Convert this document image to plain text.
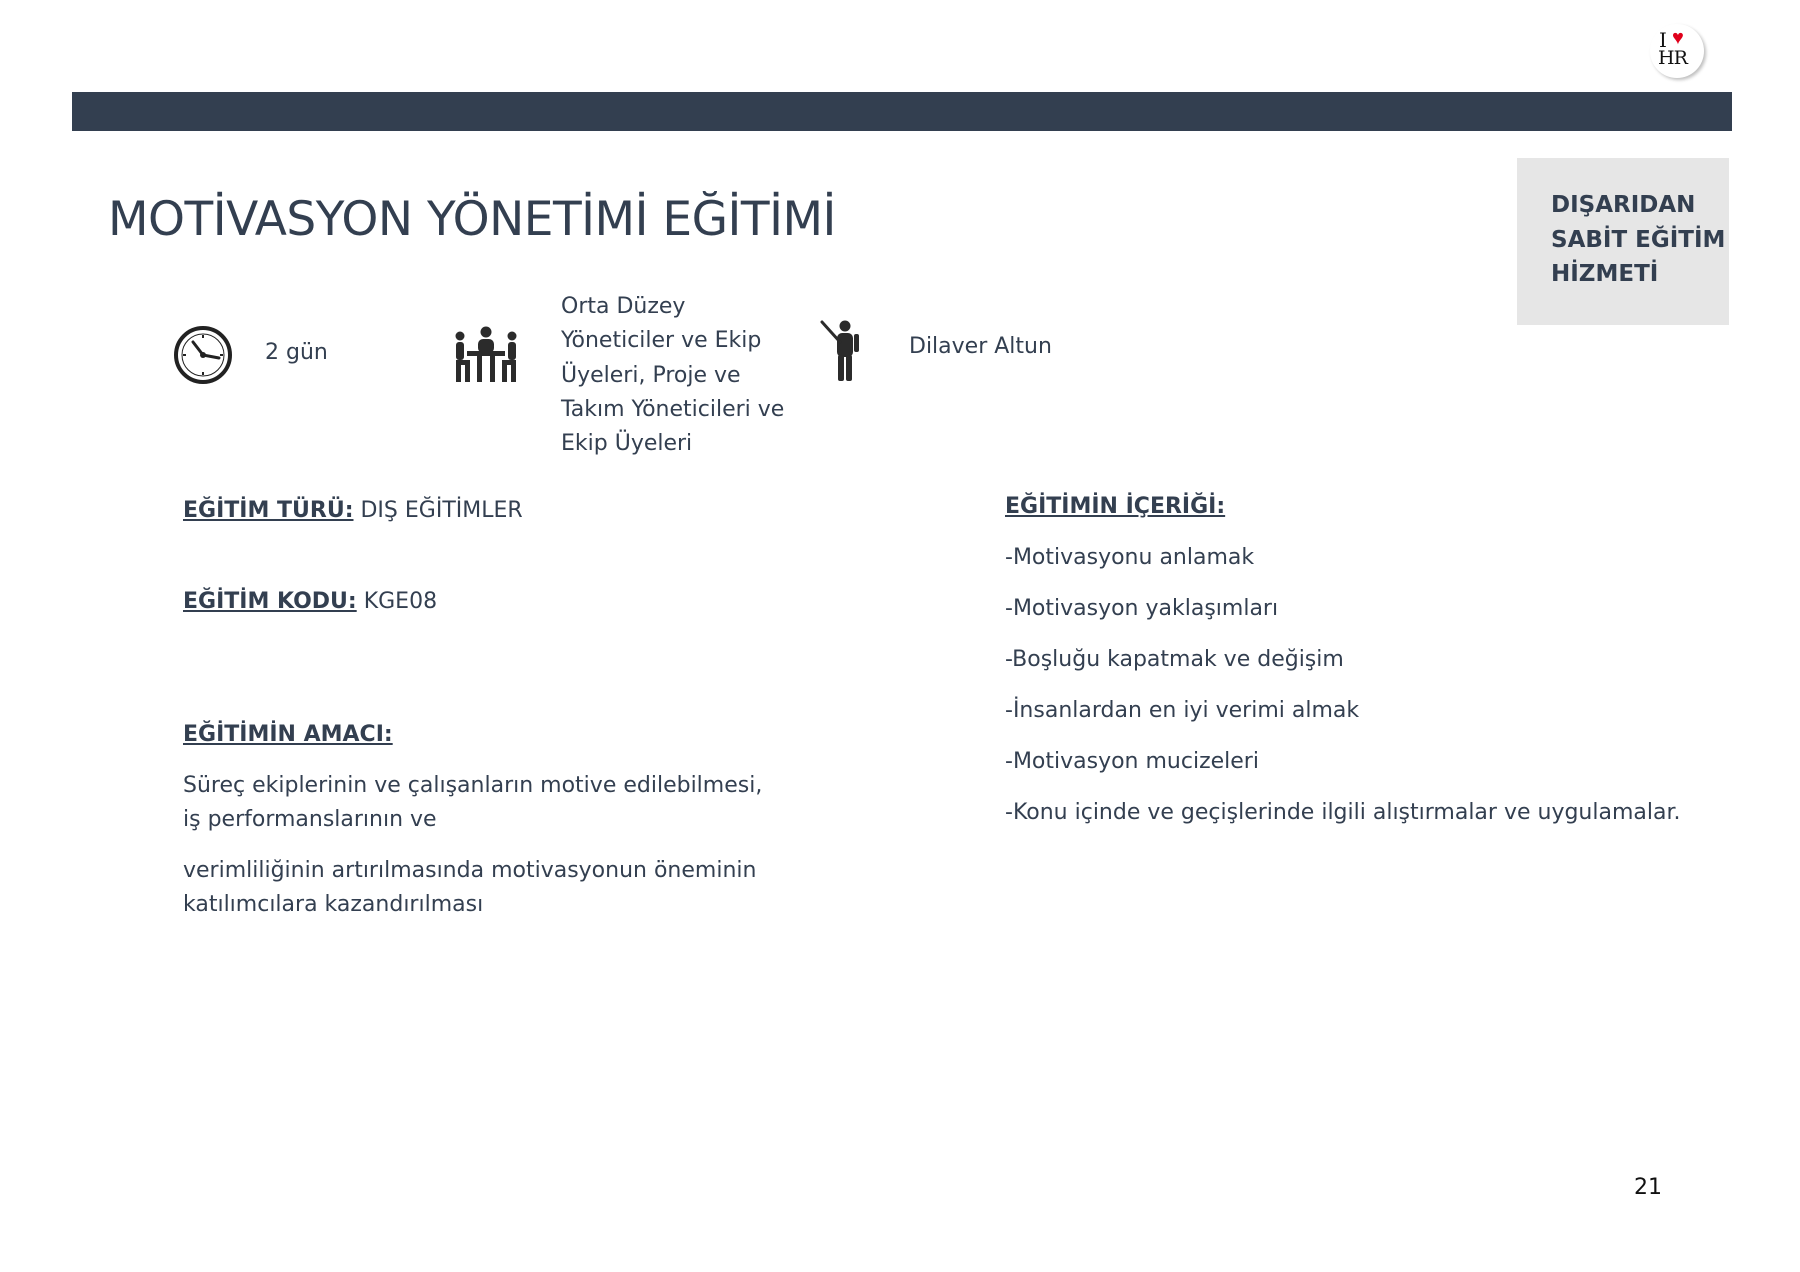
I ♥
HR
DIŞARIDAN
SABİT EĞİTİM
HİZMETİ
MOTİVASYON YÖNETİMİ EĞİTİMİ
2 gün
Orta Düzey Yöneticiler ve Ekip Üyeleri, Proje ve Takım Yöneticileri ve Ekip Üyeleri
Dilaver Altun
EĞİTİM TÜRÜ: DIŞ EĞİTİMLER
EĞİTİM KODU: KGE08
EĞİTİMİN AMACI:
Süreç ekiplerinin ve çalışanların motive edilebilmesi, iş performanslarının ve
verimliliğinin artırılmasında motivasyonun öneminin katılımcılara kazandırılması
EĞİTİMİN İÇERİĞİ:
-Motivasyonu anlamak
-Motivasyon yaklaşımları
-Boşluğu kapatmak ve değişim
-İnsanlardan en iyi verimi almak
-Motivasyon mucizeleri
-Konu içinde ve geçişlerinde ilgili alıştırmalar ve uygulamalar.
21
